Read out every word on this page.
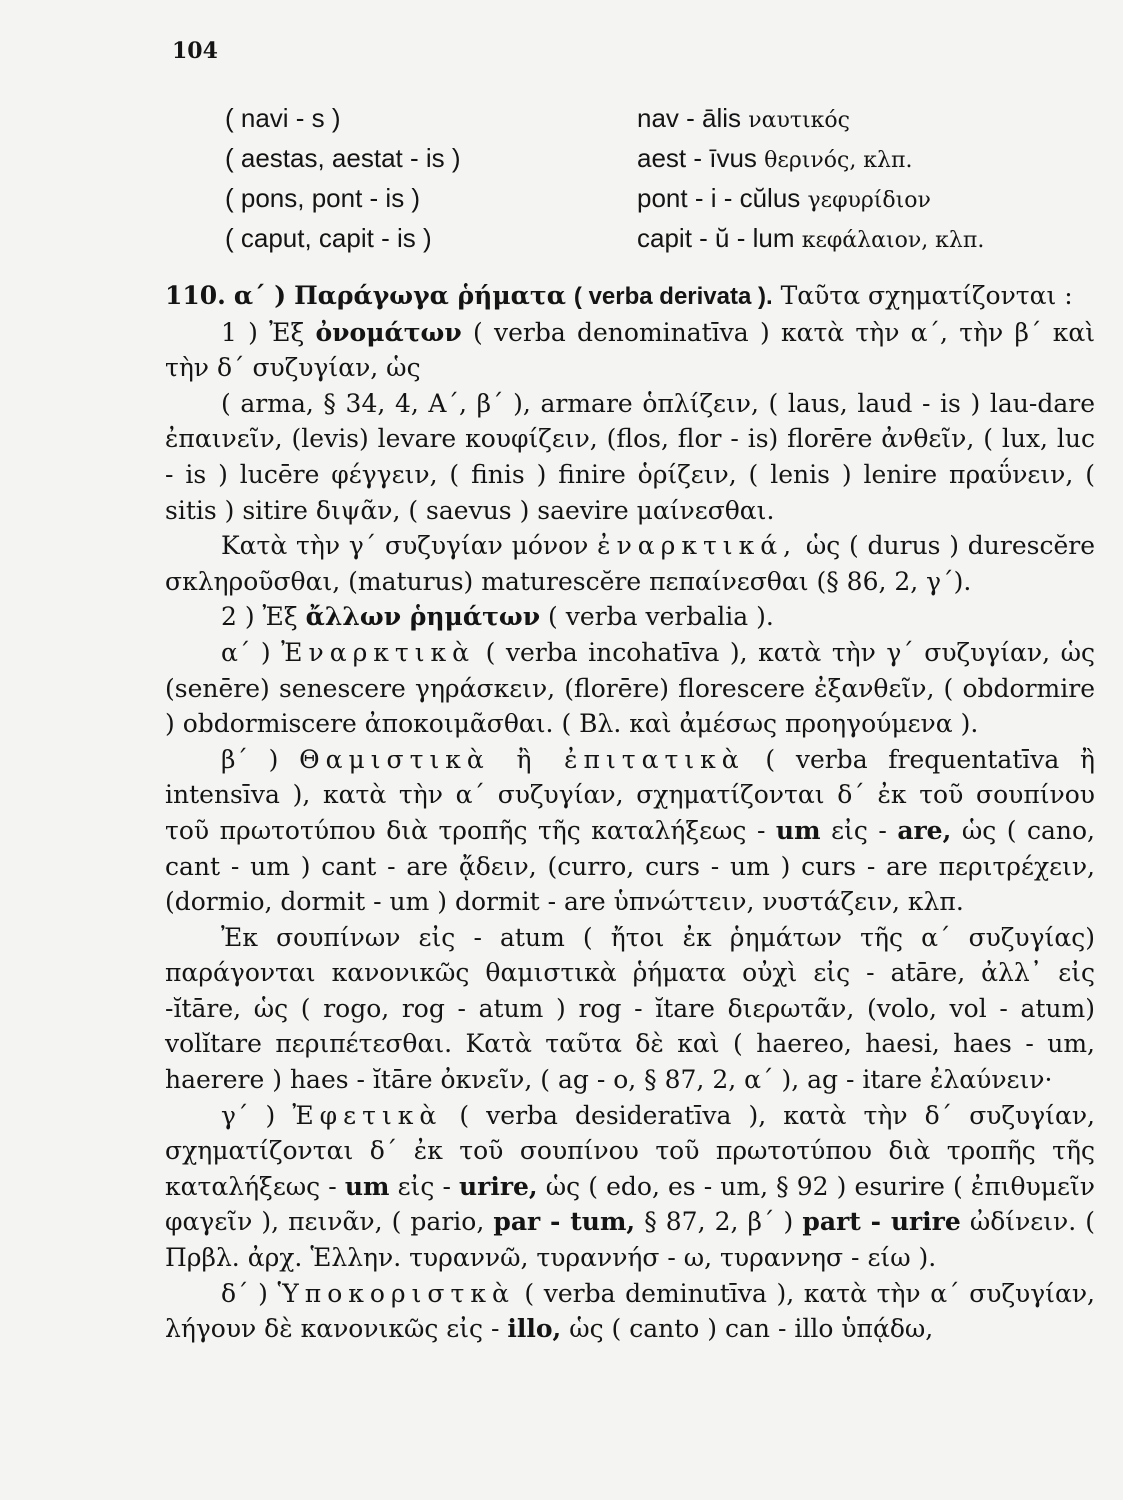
104
( navi - s )	nav - ālis ναυτικός
( aestas, aestat - is )	aest - īvus θερινός, κλπ.
( pons, pont - is )	pont - i - cŭlus γεφυρίδιον
( caput, capit - is )	capit - ŭ - lum κεφάλαιον, κλπ.
110. α΄ ) Παράγωγα ῥήματα ( verba derivata ). Ταῦτα σχηματίζονται :
1 ) Ἐξ ὀνομάτων ( verba denominatīva ) κατὰ τὴν α΄, τὴν β΄ καὶ τὴν δ΄ συζυγίαν, ὡς
( arma, § 34, 4, Α΄, β΄ ), armare ὁπλίζειν, ( laus, laud - is ) lau-dare ἐπαινεῖν, (levis) levare κουφίζειν, (flos, flor - is) florēre ἀνθεῖν, ( lux, luc - is ) lucēre φέγγειν, ( finis ) finire ὁρίζειν, ( lenis ) lenire πραΰνειν, ( sitis ) sitire διψᾶν, ( saevus ) saevire μαίνεσθαι.
Κατὰ τὴν γ΄ συζυγίαν μόνον ἐναρκτικά, ὡς ( durus ) durescĕre σκληροῦσθαι, (maturus) maturescĕre πεπαίνεσθαι (§ 86, 2, γ΄).
2 ) Ἐξ ἄλλων ῥημάτων ( verba verbalia ).
α΄ ) Ἐναρκτικὰ ( verba incohatīva ), κατὰ τὴν γ΄ συζυγίαν, ὡς (senēre) senescere γηράσκειν, (florēre) florescere ἐξανθεῖν, ( obdormire ) obdormiscere ἀποκοιμᾶσθαι. ( Βλ. καὶ ἀμέσως προηγούμενα ).
β΄ ) Θαμιστικὰ ἢ ἐπιτατικὰ ( verba frequentatīva ἢ intensīva ), κατὰ τὴν α΄ συζυγίαν, σχηματίζονται δ΄ ἐκ τοῦ σουπίνου τοῦ πρωτοτύπου διὰ τροπῆς τῆς καταλήξεως - um εἰς - are, ὡς ( cano, cant - um ) cant - are ᾄδειν, (curro, curs - um ) curs - are περιτρέχειν, (dormio, dormit - um ) dormit - are ὑπνώττειν, νυστάζειν, κλπ.
Ἐκ σουπίνων εἰς - atum ( ἤτοι ἐκ ῥημάτων τῆς α΄ συζυγίας) παράγονται κανονικῶς θαμιστικὰ ῥήματα οὐχὶ εἰς - atāre, ἀλλ᾿ εἰς -ĭtāre, ὡς ( rogo, rog - atum ) rog - ĭtare διερωτᾶν, (volo, vol - atum) volĭtare περιπέτεσθαι. Κατὰ ταῦτα δὲ καὶ ( haereo, haesi, haes - um, haerere ) haes - ĭtāre ὀκνεῖν, ( ag - o, § 87, 2, α΄ ), ag - itare ἐλαύνειν·
γ΄ ) Ἐφετικὰ ( verba desideratīva ), κατὰ τὴν δ΄ συζυγίαν, σχηματίζονται δ΄ ἐκ τοῦ σουπίνου τοῦ πρωτοτύπου διὰ τροπῆς τῆς καταλήξεως - um εἰς - urire, ὡς ( edo, es - um, § 92 ) esurire ( ἐπιθυμεῖν φαγεῖν ), πεινᾶν, ( pario, par - tum, § 87, 2, β΄ ) part - urire ὠδίνειν. ( Πρβλ. ἀρχ. Ἑλλην. τυραννῶ, τυραννήσ - ω, τυραννησ - είω ).
δ΄ ) Ὑποκοριστκὰ ( verba deminutīva ), κατὰ τὴν α΄ συζυγίαν, λήγουν δὲ κανονικῶς εἰς - illo, ὡς ( canto ) can - illo ὑπᾴδω,
